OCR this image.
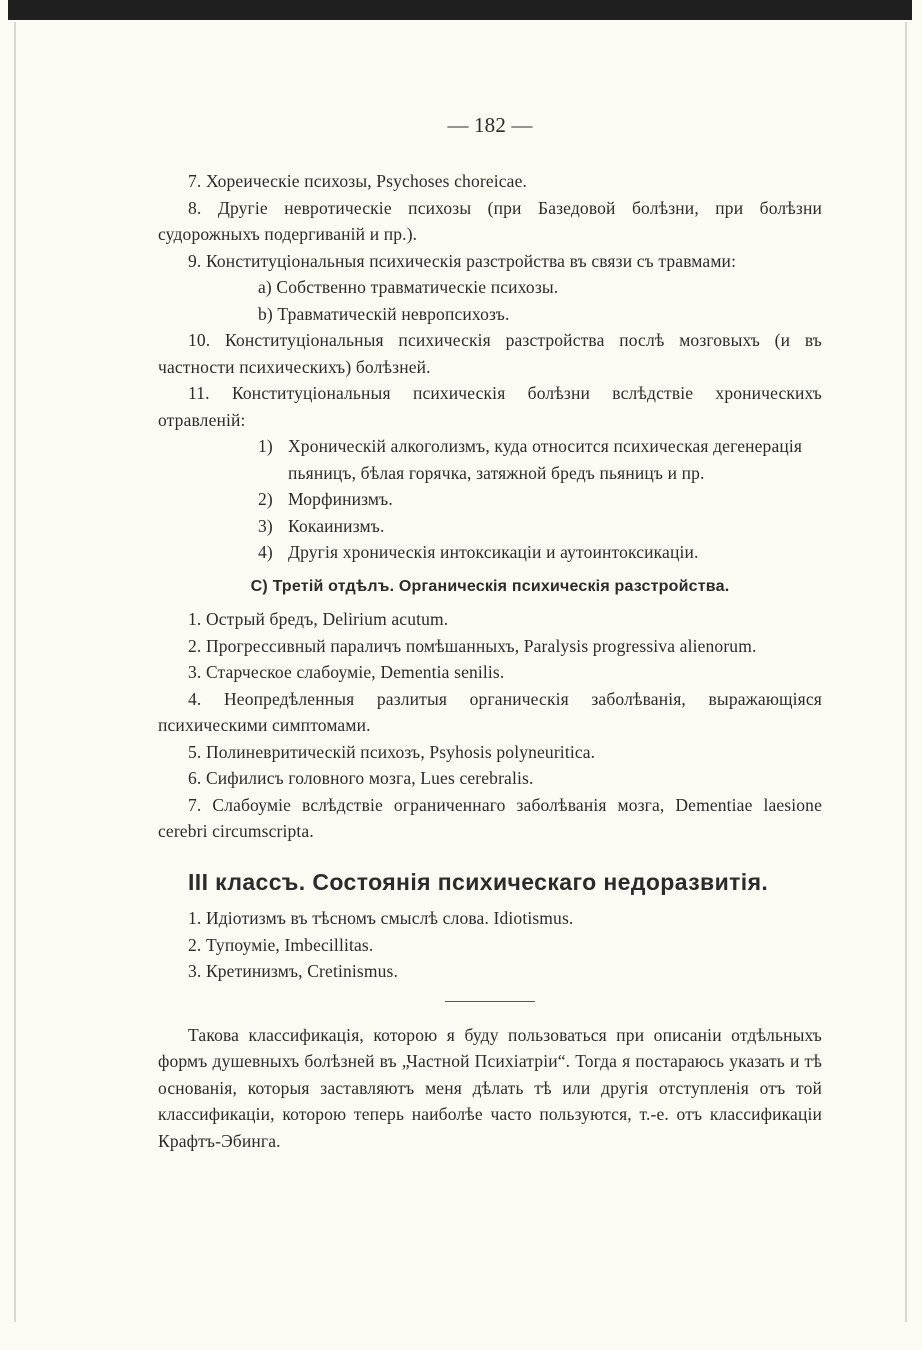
— 182 —

7. Хореическіе психозы, Psychoses choreicae.

8. Другіе невротическіе психозы (при Базедовой болѣзни, при болѣзни судорожныхъ подергиваній и пр.).

9. Конституціональныя психическія разстройства въ связи съ травмами:

a) Собственно травматическіе психозы.

b) Травматическій невропсихозъ.

10. Конституціональныя психическія разстройства послѣ мозговыхъ (и въ частности психическихъ) болѣзней.

11. Конституціональныя психическія болѣзни вслѣдствіе хроническихъ отравленій:

1) Хроническій алкоголизмъ, куда относится психическая дегенерація пьяницъ, бѣлая горячка, затяжной бредъ пьяницъ и пр.
2) Морфинизмъ.
3) Кокаинизмъ.
4) Другія хроническія интоксикаціи и аутоинтоксикаціи.
C) Третій отдѣлъ. Органическія психическія разстройства.

1. Острый бредъ, Delirium acutum.

2. Прогрессивный параличъ помѣшанныхъ, Paralysis progressiva alienorum.

3. Старческое слабоуміе, Dementia senilis.

4. Неопредѣленныя разлитыя органическія заболѣванія, выражающіяся психическими симптомами.

5. Полиневритическій психозъ, Psyhosis polyneuritica.

6. Сифилисъ головного мозга, Lues cerebralis.

7. Слабоуміе вслѣдствіе ограниченнаго заболѣванія мозга, Dementiae laesione cerebri circumscripta.

III классъ. Состоянія психическаго недоразвитія.

1. Идіотизмъ въ тѣсномъ смыслѣ слова. Idiotismus.

2. Тупоуміе, Imbecillitas.

3. Кретинизмъ, Cretinismus.

Такова классификація, которою я буду пользоваться при описаніи отдѣльныхъ формъ душевныхъ болѣзней въ „Частной Психіатріи“. Тогда я постараюсь указать и тѣ основанія, которыя заставляютъ меня дѣлать тѣ или другія отступленія отъ той классификаціи, которою теперь наиболѣе часто пользуются, т.-е. отъ классификаціи Крафтъ-Эбинга.
